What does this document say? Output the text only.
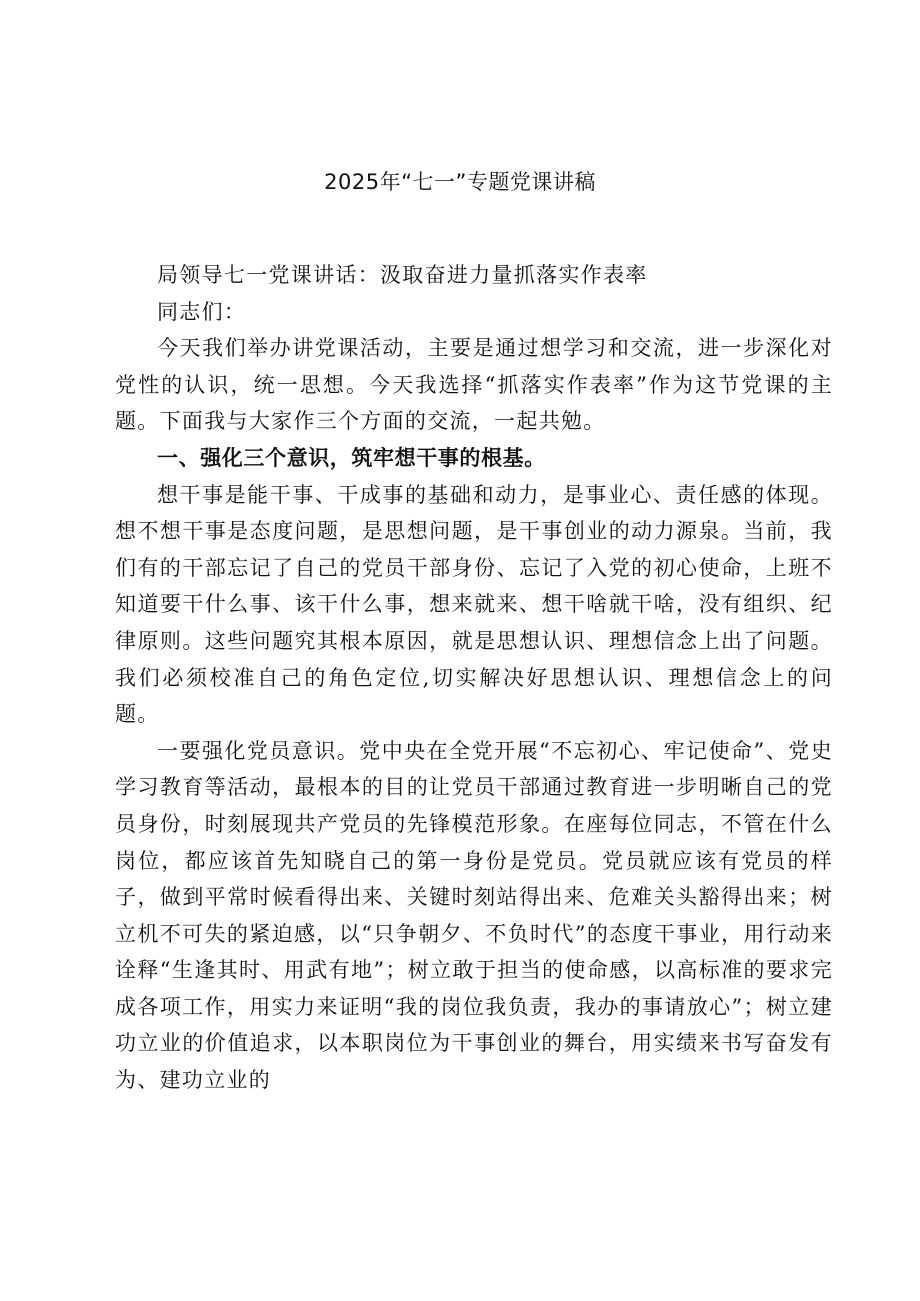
2025年“七一”专题党课讲稿

局领导七一党课讲话：汲取奋进力量抓落实作表率

同志们：

今天我们举办讲党课活动，主要是通过想学习和交流，进一步深化对党性的认识，统一思想。今天我选择“抓落实作表率”作为这节党课的主题。下面我与大家作三个方面的交流，一起共勉。

一、强化三个意识，筑牢想干事的根基。

想干事是能干事、干成事的基础和动力，是事业心、责任感的体现。想不想干事是态度问题，是思想问题，是干事创业的动力源泉。当前，我们有的干部忘记了自己的党员干部身份、忘记了入党的初心使命，上班不知道要干什么事、该干什么事，想来就来、想干啥就干啥，没有组织、纪律原则。这些问题究其根本原因，就是思想认识、理想信念上出了问题。我们必须校准自己的角色定位,切实解决好思想认识、理想信念上的问题。

一要强化党员意识。党中央在全党开展“不忘初心、牢记使命”、党史学习教育等活动，最根本的目的让党员干部通过教育进一步明晰自己的党员身份，时刻展现共产党员的先锋模范形象。在座每位同志，不管在什么岗位，都应该首先知晓自己的第一身份是党员。党员就应该有党员的样子，做到平常时候看得出来、关键时刻站得出来、危难关头豁得出来；树立机不可失的紧迫感，以“只争朝夕、不负时代”的态度干事业，用行动来诠释“生逢其时、用武有地”；树立敢于担当的使命感，以高标准的要求完成各项工作，用实力来证明“我的岗位我负责，我办的事请放心”；树立建功立业的价值追求，以本职岗位为干事创业的舞台，用实绩来书写奋发有为、建功立业的
